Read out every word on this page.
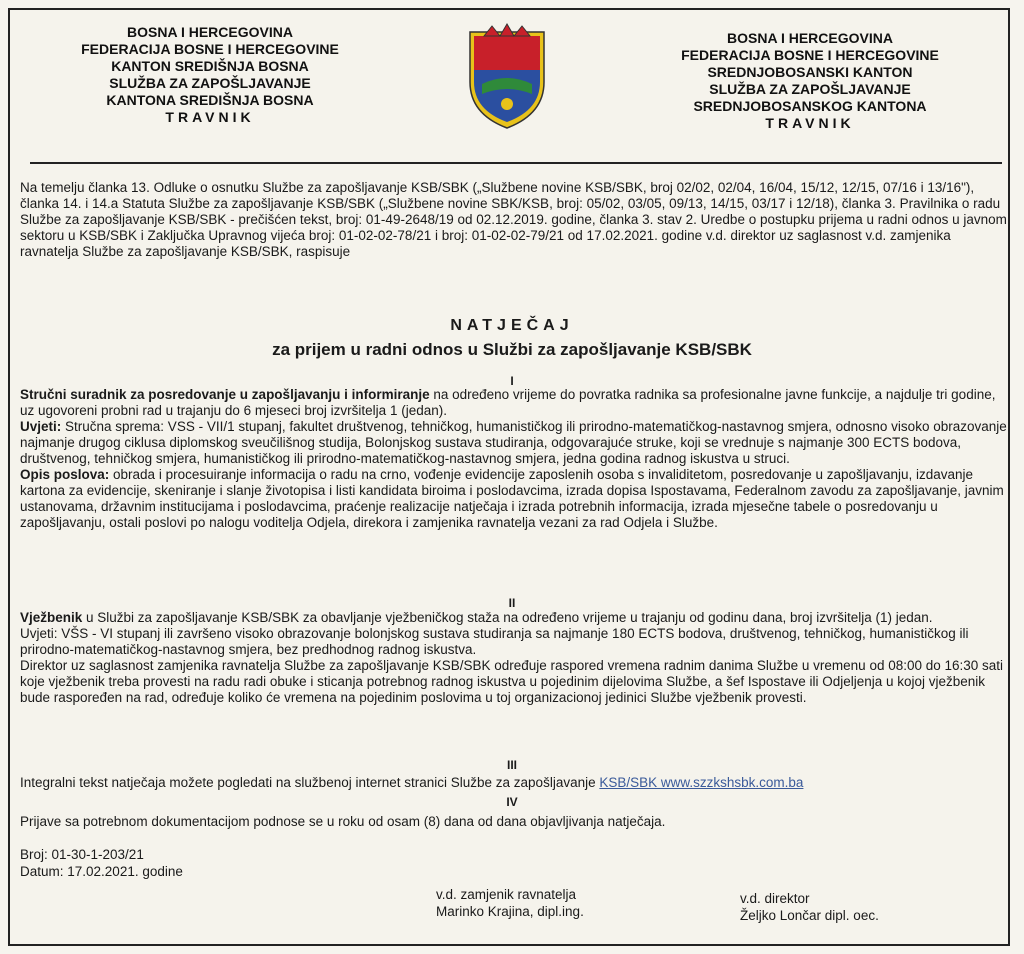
BOSNA I HERCEGOVINA
FEDERACIJA BOSNE I HERCEGOVINE
KANTON SREDIŠNJA BOSNA
SLUŽBA ZA ZAPOŠLJAVANJE
KANTONA SREDIŠNJA BOSNA
TRAVNIK
BOSNA I HERCEGOVINA
FEDERACIJA BOSNE I HERCEGOVINE
SREDNJOBOSANSKI KANTON
SLUŽBA ZA ZAPOŠLJAVANJE
SREDNJOBOSANSKOG KANTONA
TRAVNIK
Na temelju članka 13. Odluke o osnutku Službe za zapošljavanje KSB/SBK („Službene novine KSB/SBK, broj 02/02, 02/04, 16/04, 15/12, 12/15, 07/16 i 13/16"), članka 14. i 14.a Statuta Službe za zapošljavanje KSB/SBK („Službene novine SBK/KSB, broj: 05/02, 03/05, 09/13, 14/15, 03/17 i 12/18), članka 3. Pravilnika o radu Službe za zapošljavanje KSB/SBK - prečišćen tekst, broj: 01-49-2648/19 od 02.12.2019. godine, članka 3. stav 2. Uredbe o postupku prijema u radni odnos u javnom sektoru u KSB/SBK i Zaključka Upravnog vijeća broj: 01-02-02-78/21 i broj: 01-02-02-79/21 od 17.02.2021. godine v.d. direktor uz saglasnost v.d. zamjenika ravnatelja Službe za zapošljavanje KSB/SBK, raspisuje
NATJEČAJ
za prijem u radni odnos u Službi za zapošljavanje KSB/SBK
I

Stručni suradnik za posredovanje u zapošljavanju i informiranje na određeno vrijeme do povratka radnika sa profesionalne javne funkcije, a najdulje tri godine, uz ugovoreni probni rad u trajanju do 6 mjeseci broj izvršitelja 1 (jedan).

Uvjeti: Stručna sprema: VSS - VII/1 stupanj, fakultet društvenog, tehničkog, humanističkog ili prirodno-matematičkog-nastavnog smjera, odnosno visoko obrazovanje najmanje drugog ciklusa diplomskog sveučilišnog studija, Bolonjskog sustava studiranja, odgovarajuće struke, koji se vrednuje s najmanje 300 ECTS bodova, društvenog, tehničkog smjera, humanističkog ili prirodno-matematičkog-nastavnog smjera, jedna godina radnog iskustva u struci.

Opis poslova: obrada i procesuiranje informacija o radu na crno, vođenje evidencije zaposlenih osoba s invaliditetom, posredovanje u zapošljavanju, izdavanje kartona za evidencije, skeniranje i slanje životopisa i listi kandidata biroima i poslodavcima, izrada dopisa Ispostavama, Federalnom zavodu za zapošljavanje, javnim ustanovama, državnim institucijama i poslodavcima, praćenje realizacije natječaja i izrada potrebnih informacija, izrada mjesečne tabele o posredovanju u zapošljavanju, ostali poslovi po nalogu voditelja Odjela, direkora i zamjenika ravnatelja vezani za rad Odjela i Službe.

II

Vježbenik u Službi za zapošljavanje KSB/SBK za obavljanje vježbeničkog staža na određeno vrijeme u trajanju od godinu dana, broj izvršitelja (1) jedan.

Uvjeti: VŠS - VI stupanj ili završeno visoko obrazovanje bolonjskog sustava studiranja sa najmanje 180 ECTS bodova, društvenog, tehničkog, humanističkog ili prirodno-matematičkog-nastavnog smjera, bez predhodnog radnog iskustva.

Direktor uz saglasnost zamjenika ravnatelja Službe za zapošljavanje KSB/SBK određuje raspored vremena radnim danima Službe u vremenu od 08:00 do 16:30 sati koje vježbenik treba provesti na radu radi obuke i sticanja potrebnog radnog iskustva u pojedinim dijelovima Službe, a šef Ispostave ili Odjeljenja u kojoj vježbenik bude raspoređen na rad, određuje koliko će vremena na pojedinim poslovima u toj organizacionoj jedinici Službe vježbenik provesti.

III

Integralni tekst natječaja možete pogledati na službenoj internet stranici Službe za zapošljavanje KSB/SBK www.szzkshsbk.com.ba

IV

Prijave sa potrebnom dokumentacijom podnose se u roku od osam (8) dana od dana objavljivanja natječaja.

Broj: 01-30-1-203/21
Datum: 17.02.2021. godine
v.d. zamjenik ravnatelja
Marinko Krajina, dipl.ing.
v.d. direktor
Željko Lončar dipl. oec.
